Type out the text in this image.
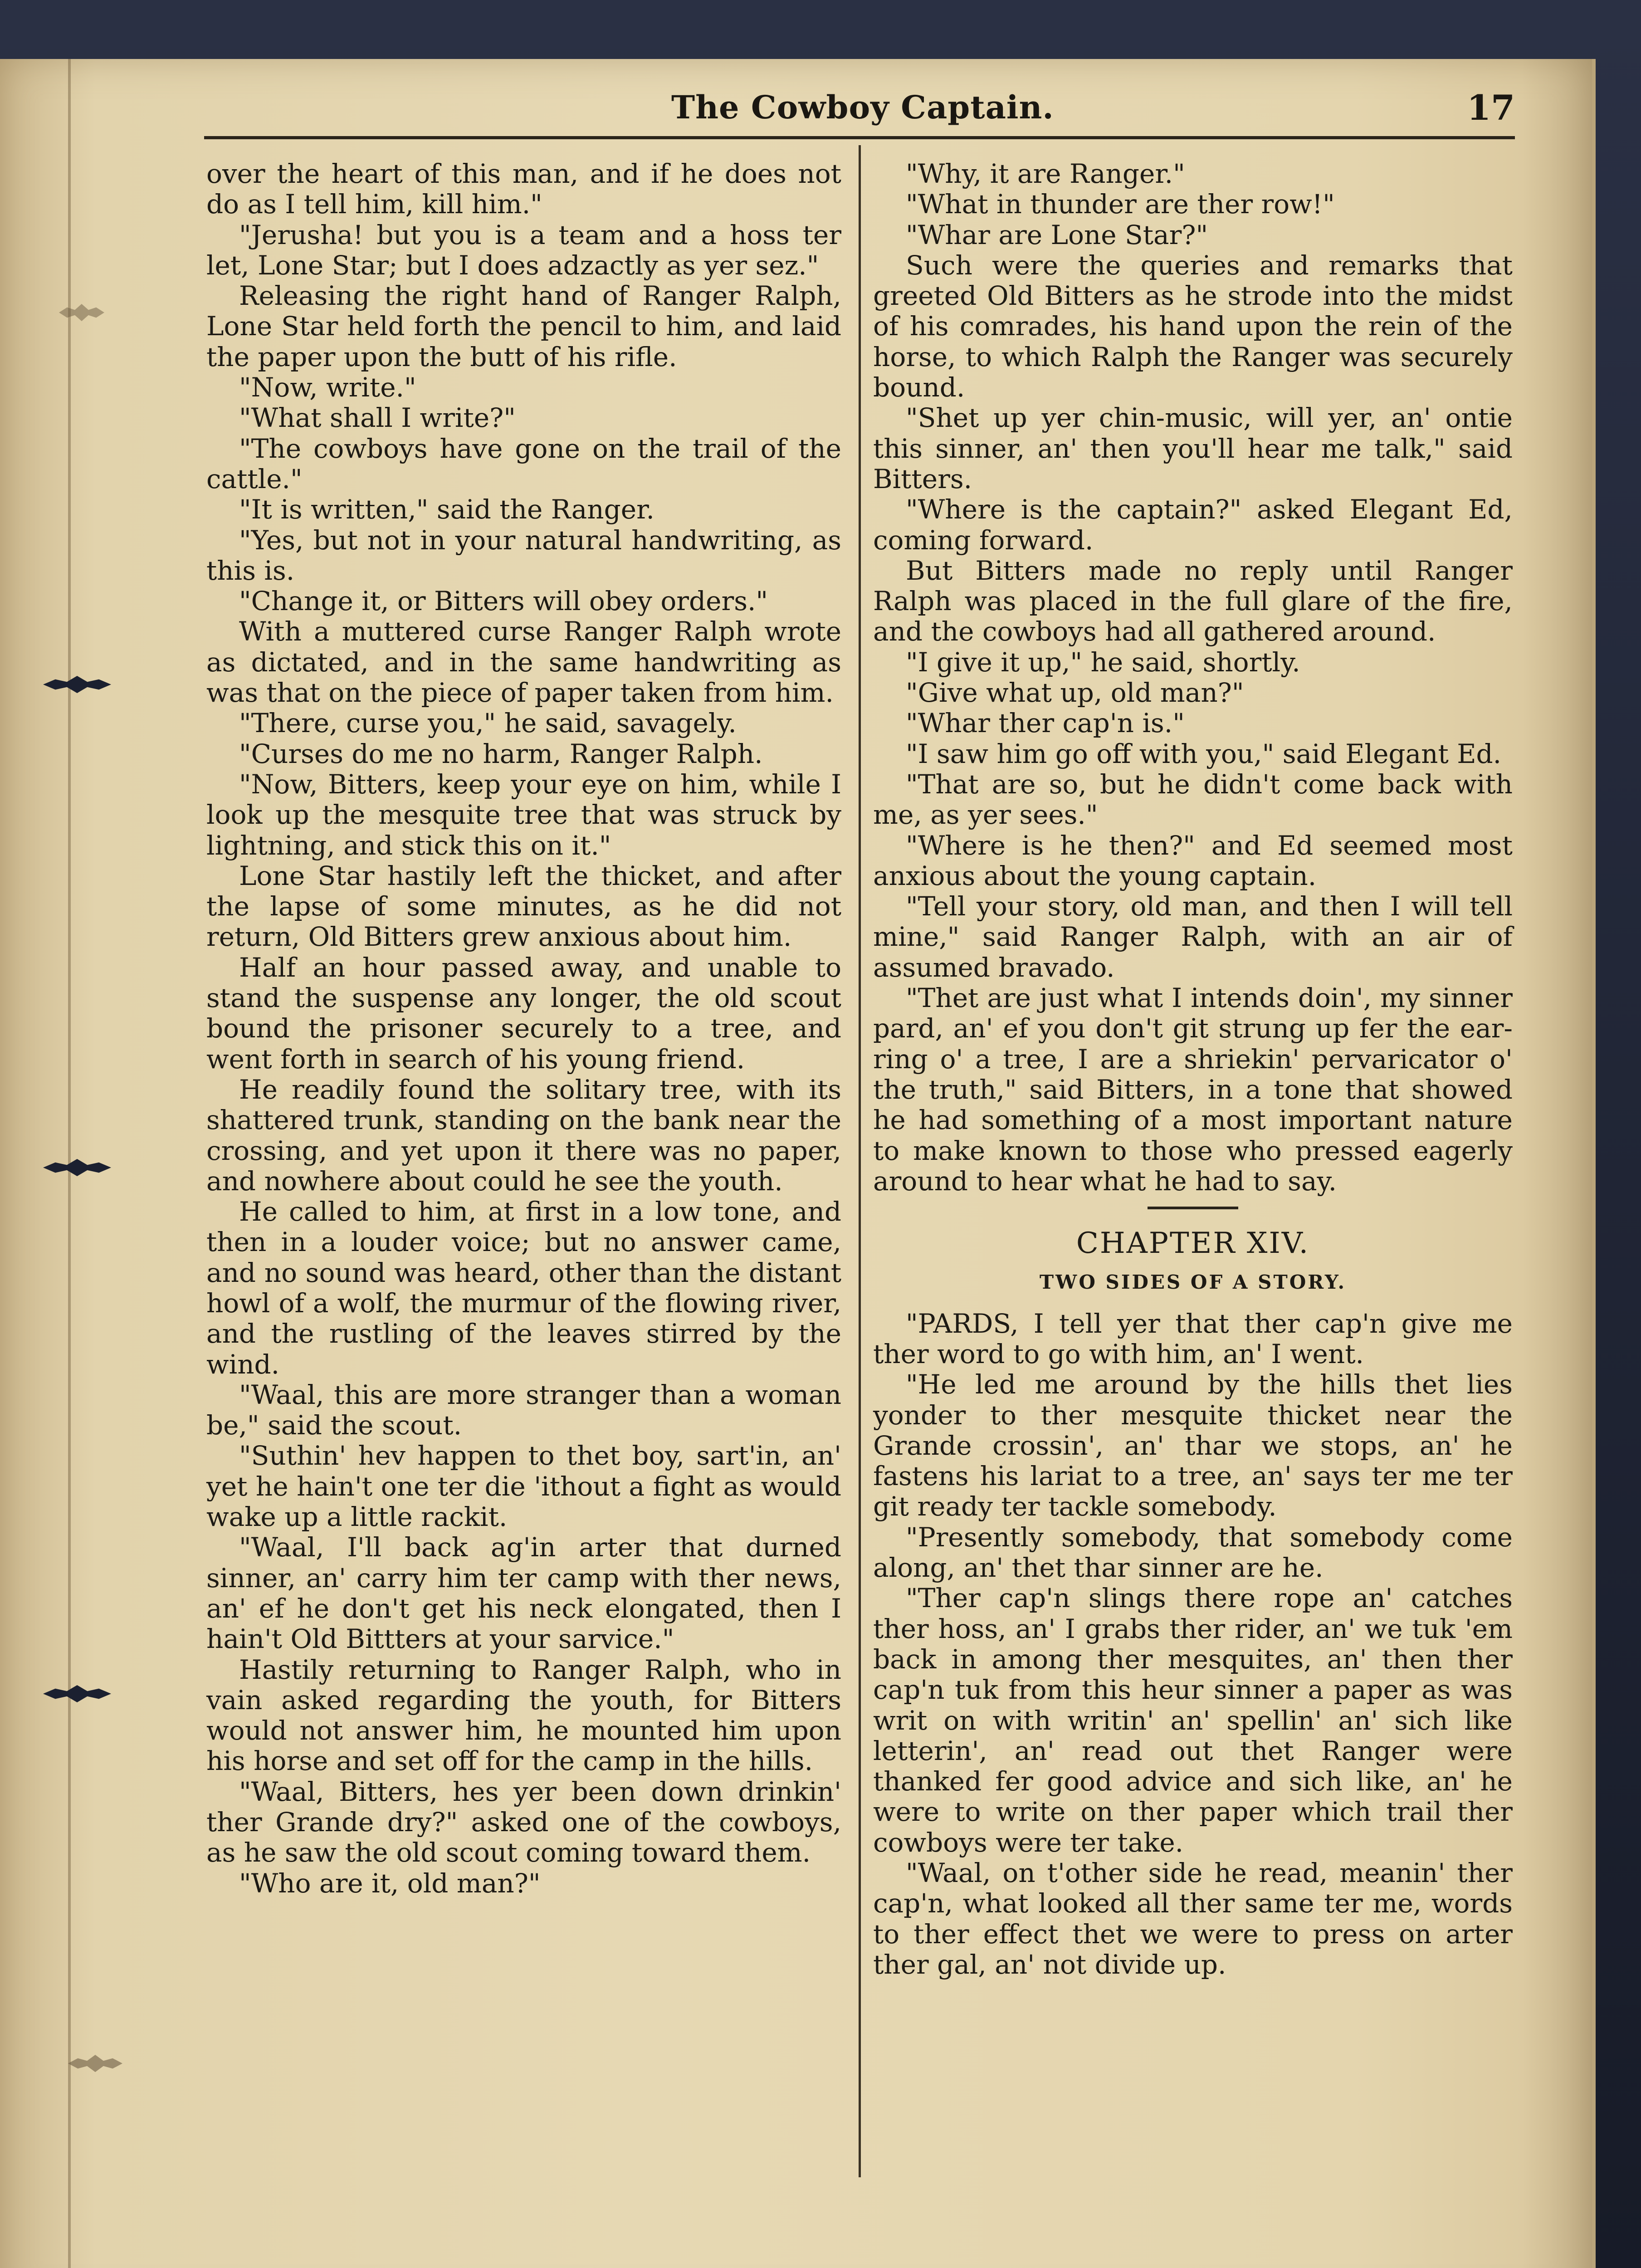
The Cowboy Captain.	17

over the heart of this man, and if he does not do as I tell him, kill him."

"Jerusha! but you is a team and a hoss ter let, Lone Star; but I does adzactly as yer sez."

Releasing the right hand of Ranger Ralph, Lone Star held forth the pencil to him, and laid the paper upon the butt of his rifle.

"Now, write."

"What shall I write?"

"The cowboys have gone on the trail of the cattle."

"It is written," said the Ranger.

"Yes, but not in your natural handwriting, as this is.

"Change it, or Bitters will obey orders."

With a muttered curse Ranger Ralph wrote as dictated, and in the same handwriting as was that on the piece of paper taken from him.

"There, curse you," he said, savagely.

"Curses do me no harm, Ranger Ralph.

"Now, Bitters, keep your eye on him, while I look up the mesquite tree that was struck by lightning, and stick this on it."

Lone Star hastily left the thicket, and after the lapse of some minutes, as he did not return, Old Bitters grew anxious about him.

Half an hour passed away, and unable to stand the suspense any longer, the old scout bound the prisoner securely to a tree, and went forth in search of his young friend.

He readily found the solitary tree, with its shattered trunk, standing on the bank near the crossing, and yet upon it there was no paper, and nowhere about could he see the youth.

He called to him, at first in a low tone, and then in a louder voice; but no answer came, and no sound was heard, other than the distant howl of a wolf, the murmur of the flowing river, and the rustling of the leaves stirred by the wind.

"Waal, this are more stranger than a woman be," said the scout.

"Suthin' hev happen to thet boy, sart'in, an' yet he hain't one ter die 'ithout a fight as would wake up a little rackit.

"Waal, I'll back ag'in arter that durned sinner, an' carry him ter camp with ther news, an' ef he don't get his neck elongated, then I hain't Old Bittters at your sarvice."

Hastily returning to Ranger Ralph, who in vain asked regarding the youth, for Bitters would not answer him, he mounted him upon his horse and set off for the camp in the hills.

"Waal, Bitters, hes yer been down drinkin' ther Grande dry?" asked one of the cowboys, as he saw the old scout coming toward them.

"Who are it, old man?"

"Why, it are Ranger."

"What in thunder are ther row!"

"Whar are Lone Star?"

Such were the queries and remarks that greeted Old Bitters as he strode into the midst of his comrades, his hand upon the rein of the horse, to which Ralph the Ranger was securely bound.

"Shet up yer chin-music, will yer, an' ontie this sinner, an' then you'll hear me talk," said Bitters.

"Where is the captain?" asked Elegant Ed, coming forward.

But Bitters made no reply until Ranger Ralph was placed in the full glare of the fire, and the cowboys had all gathered around.

"I give it up," he said, shortly.

"Give what up, old man?"

"Whar ther cap'n is."

"I saw him go off with you," said Elegant Ed.

"That are so, but he didn't come back with me, as yer sees."

"Where is he then?" and Ed seemed most anxious about the young captain.

"Tell your story, old man, and then I will tell mine," said Ranger Ralph, with an air of assumed bravado.

"Thet are just what I intends doin', my sinner pard, an' ef you don't git strung up fer the ear-ring o' a tree, I are a shriekin' pervaricator o' the truth," said Bitters, in a tone that showed he had something of a most important nature to make known to those who pressed eagerly around to hear what he had to say.

CHAPTER XIV.

TWO SIDES OF A STORY.

"PARDS, I tell yer that ther cap'n give me ther word to go with him, an' I went.

"He led me around by the hills thet lies yonder to ther mesquite thicket near the Grande crossin', an' thar we stops, an' he fastens his lariat to a tree, an' says ter me ter git ready ter tackle somebody.

"Presently somebody, that somebody come along, an' thet thar sinner are he.

"Ther cap'n slings there rope an' catches ther hoss, an' I grabs ther rider, an' we tuk 'em back in among ther mesquites, an' then ther cap'n tuk from this heur sinner a paper as was writ on with writin' an' spellin' an' sich like letterin', an' read out thet Ranger were thanked fer good advice and sich like, an' he were to write on ther paper which trail ther cowboys were ter take.

"Waal, on t'other side he read, meanin' ther cap'n, what looked all ther same ter me, words to ther effect thet we were to press on arter ther gal, an' not divide up.
